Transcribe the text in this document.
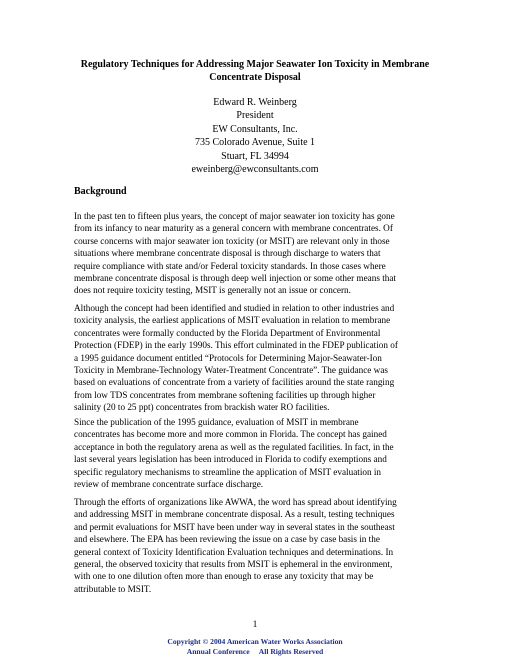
Regulatory Techniques for Addressing Major Seawater Ion Toxicity in Membrane
Concentrate Disposal
Edward R. Weinberg
President
EW Consultants, Inc.
735 Colorado Avenue, Suite 1
Stuart, FL 34994
eweinberg@ewconsultants.com
Background
In the past ten to fifteen plus years, the concept of major seawater ion toxicity has gone
from its infancy to near maturity as a general concern with membrane concentrates. Of
course concerns with major seawater ion toxicity (or MSIT) are relevant only in those
situations where membrane concentrate disposal is through discharge to waters that
require compliance with state and/or Federal toxicity standards. In those cases where
membrane concentrate disposal is through deep well injection or some other means that
does not require toxicity testing, MSIT is generally not an issue or concern.
Although the concept had been identified and studied in relation to other industries and
toxicity analysis, the earliest applications of MSIT evaluation in relation to membrane
concentrates were formally conducted by the Florida Department of Environmental
Protection (FDEP) in the early 1990s. This effort culminated in the FDEP publication of
a 1995 guidance document entitled “Protocols for Determining Major-Seawater-Ion
Toxicity in Membrane-Technology Water-Treatment Concentrate”. The guidance was
based on evaluations of concentrate from a variety of facilities around the state ranging
from low TDS concentrates from membrane softening facilities up through higher
salinity (20 to 25 ppt) concentrates from brackish water RO facilities.
Since the publication of the 1995 guidance, evaluation of MSIT in membrane
concentrates has become more and more common in Florida. The concept has gained
acceptance in both the regulatory arena as well as the regulated facilities. In fact, in the
last several years legislation has been introduced in Florida to codify exemptions and
specific regulatory mechanisms to streamline the application of MSIT evaluation in
review of membrane concentrate surface discharge.
Through the efforts of organizations like AWWA, the word has spread about identifying
and addressing MSIT in membrane concentrate disposal. As a result, testing techniques
and permit evaluations for MSIT have been under way in several states in the southeast
and elsewhere. The EPA has been reviewing the issue on a case by case basis in the
general context of Toxicity Identification Evaluation techniques and determinations. In
general, the observed toxicity that results from MSIT is ephemeral in the environment,
with one to one dilution often more than enough to erase any toxicity that may be
attributable to MSIT.
1
Copyright © 2004 American Water Works Association
Annual Conference     All Rights Reserved
